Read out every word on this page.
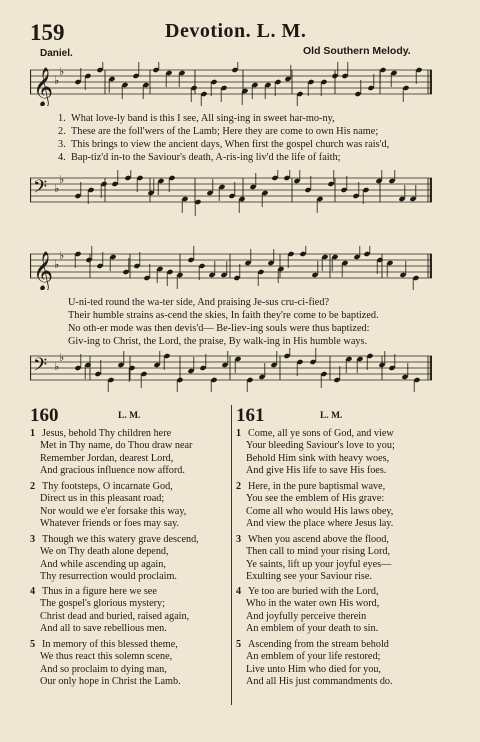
159	Devotion. L. M.
Daniel.	Old Southern Melody.
𝄞 ♭
♭
1. What love-ly band is this I see, All sing-ing in sweet har-mo-ny,
2. These are the foll'wers of the Lamb; Here they are come to own His name;
3. This brings to view the ancient days, When first the gospel church was rais'd,
4. Bap-tiz'd in-to the Saviour's death, A-ris-ing liv'd the life of faith;
𝄢 ♭
♭
𝄞 ♭
♭
U-ni-ted round the wa-ter side, And praising Je-sus cru-ci-fied?
Their humble strains as-cend the skies, In faith they're come to be baptized.
No oth-er mode was then devis'd— Be-liev-ing souls were thus baptized:
Giv-ing to Christ, the Lord, the praise, By walk-ing in His humble ways.
𝄢 ♭
♭
160	L. M.
1 Jesus, behold Thy children here
Met in Thy name, do Thou draw near
Remember Jordan, dearest Lord,
And gracious influence now afford.
2 Thy footsteps, O incarnate God,
Direct us in this pleasant road;
Nor would we e'er forsake this way,
Whatever friends or foes may say.
3 Though we this watery grave descend,
We on Thy death alone depend,
And while ascending up again,
Thy resurrection would proclaim.
4 Thus in a figure here we see
The gospel's glorious mystery;
Christ dead and buried, raised again,
And all to save rebellious men.
5 In memory of this blessed theme,
We thus react this solemn scene,
And so proclaim to dying man,
Our only hope in Christ the Lamb.
161	L. M.
1 Come, all ye sons of God, and view
Your bleeding Saviour's love to you;
Behold Him sink with heavy woes,
And give His life to save His foes.
2 Here, in the pure baptismal wave,
You see the emblem of His grave:
Come all who would His laws obey,
And view the place where Jesus lay.
3 When you ascend above the flood,
Then call to mind your rising Lord,
Ye saints, lift up your joyful eyes—
Exulting see your Saviour rise.
4 Ye too are buried with the Lord,
Who in the water own His word,
And joyfully perceive therein
An emblem of your death to sin.
5 Ascending from the stream behold
An emblem of your life restored;
Live unto Him who died for you,
And all His just commandments do.
